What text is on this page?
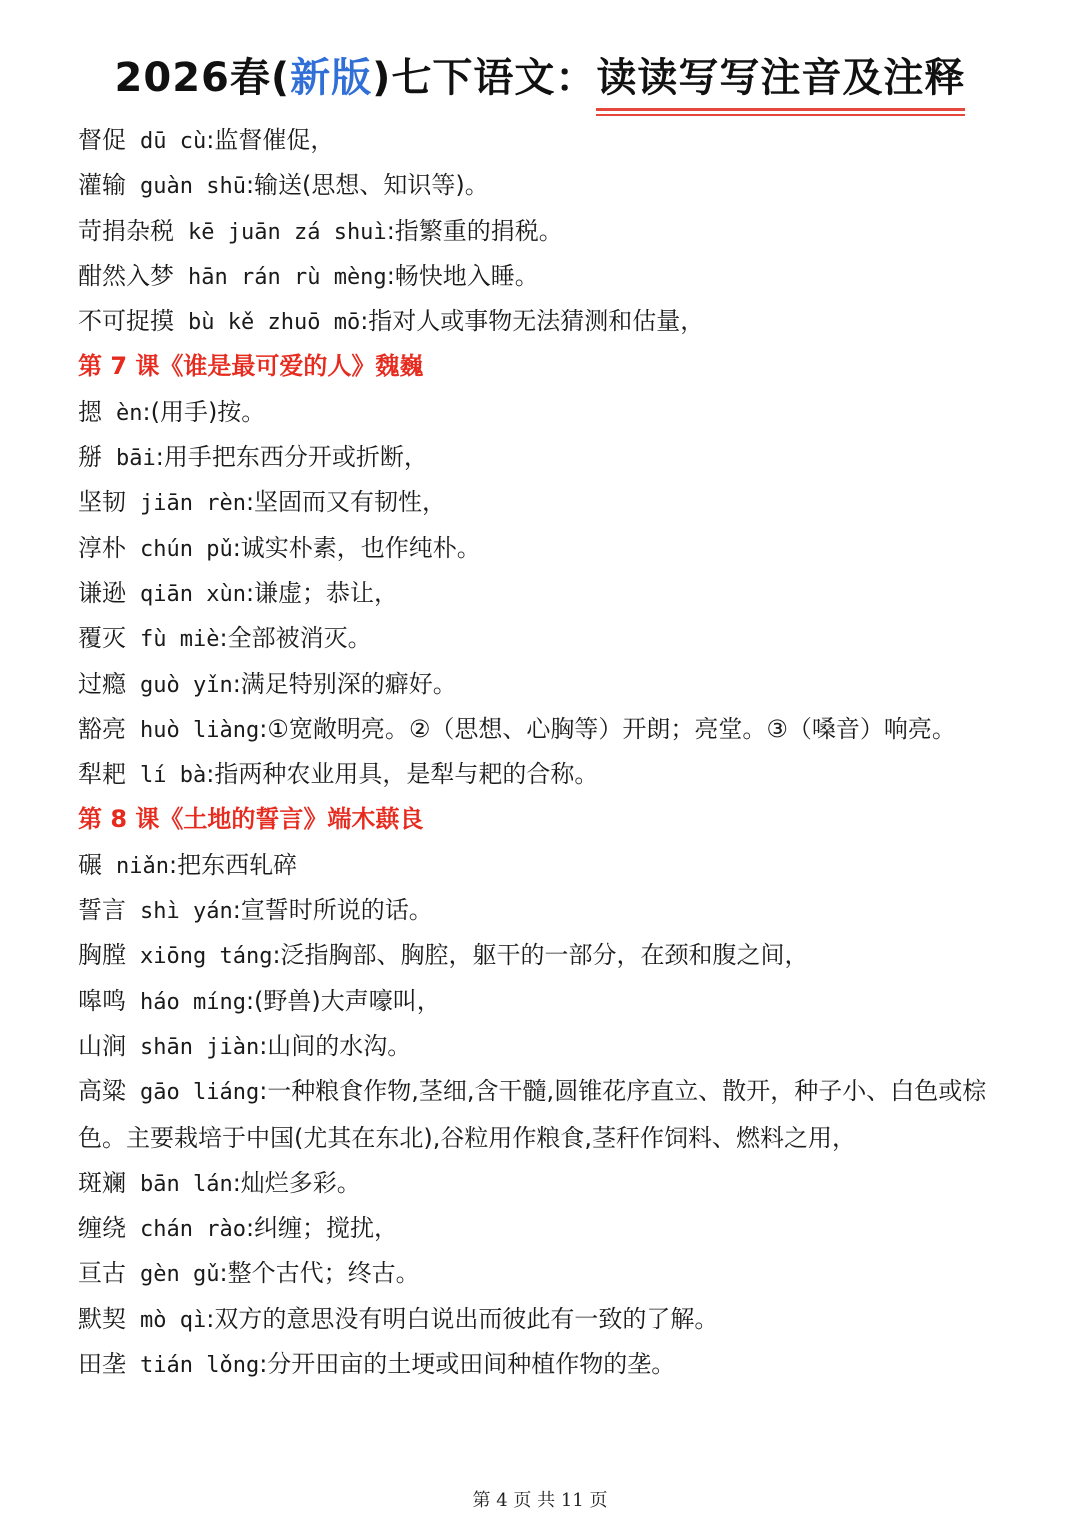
2026春(新版)七下语文：读读写写注音及注释
督促 dū cù:监督催促，
灌输 guàn shū:输送(思想、知识等)。
苛捐杂税 kē juān zá shuì:指繁重的捐税。
酣然入梦 hān rán rù mèng:畅快地入睡。
不可捉摸 bù kě zhuō mō:指对人或事物无法猜测和估量，
第 7 课《谁是最可爱的人》魏巍
摁 èn:(用手)按。
掰 bāi:用手把东西分开或折断，
坚韧 jiān rèn:坚固而又有韧性，
淳朴 chún pǔ:诚实朴素，也作纯朴。
谦逊 qiān xùn:谦虚；恭让，
覆灭 fù miè:全部被消灭。
过瘾 guò yǐn:满足特别深的癖好。
豁亮 huò liàng:①宽敞明亮。②（思想、心胸等）开朗；亮堂。③（嗓音）响亮。
犁耙 lí bà:指两种农业用具，是犁与耙的合称。
第 8 课《土地的誓言》端木蕻良
碾 niǎn:把东西轧碎
誓言 shì yán:宣誓时所说的话。
胸膛 xiōng táng:泛指胸部、胸腔，躯干的一部分，在颈和腹之间，
嗥鸣 háo míng:(野兽)大声嚎叫，
山涧 shān jiàn:山间的水沟。
高粱 gāo liáng:一种粮食作物,茎细,含干髓,圆锥花序直立、散开，种子小、白色或棕色。主要栽培于中国(尤其在东北),谷粒用作粮食,茎秆作饲料、燃料之用，
斑斓 bān lán:灿烂多彩。
缠绕 chán rào:纠缠；搅扰，
亘古 gèn gǔ:整个古代；终古。
默契 mò qì:双方的意思没有明白说出而彼此有一致的了解。
田垄 tián lǒng:分开田亩的土埂或田间种植作物的垄。
第 4 页 共 11 页
